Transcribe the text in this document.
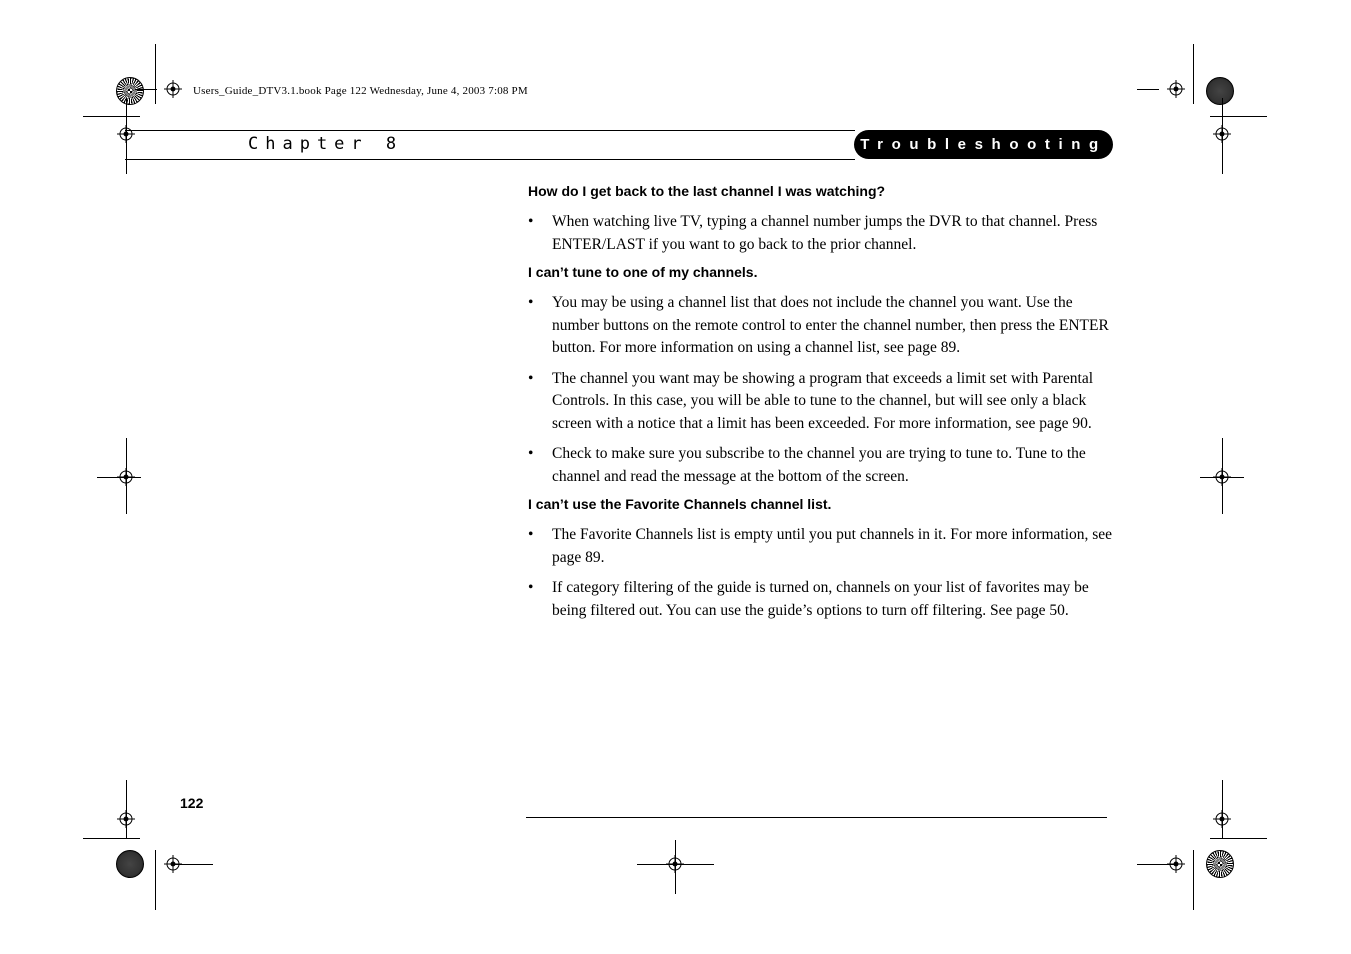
Users_Guide_DTV3.1.book Page 122 Wednesday, June 4, 2003 7:08 PM
Chapter 8	Troubleshooting

How do I get back to the last channel I was watching?

• When watching live TV, typing a channel number jumps the DVR to that channel. Press ENTER/LAST if you want to go back to the prior channel.

I can’t tune to one of my channels.

• You may be using a channel list that does not include the channel you want. Use the number buttons on the remote control to enter the channel number, then press the ENTER button. For more information on using a channel list, see page 89.
• The channel you want may be showing a program that exceeds a limit set with Parental Controls. In this case, you will be able to tune to the channel, but will see only a black screen with a notice that a limit has been exceeded. For more information, see page 90.
• Check to make sure you subscribe to the channel you are trying to tune to. Tune to the channel and read the message at the bottom of the screen.

I can’t use the Favorite Channels channel list.

• The Favorite Channels list is empty until you put channels in it. For more information, see page 89.
• If category filtering of the guide is turned on, channels on your list of favorites may be being filtered out. You can use the guide’s options to turn off filtering. See page 50.
122
